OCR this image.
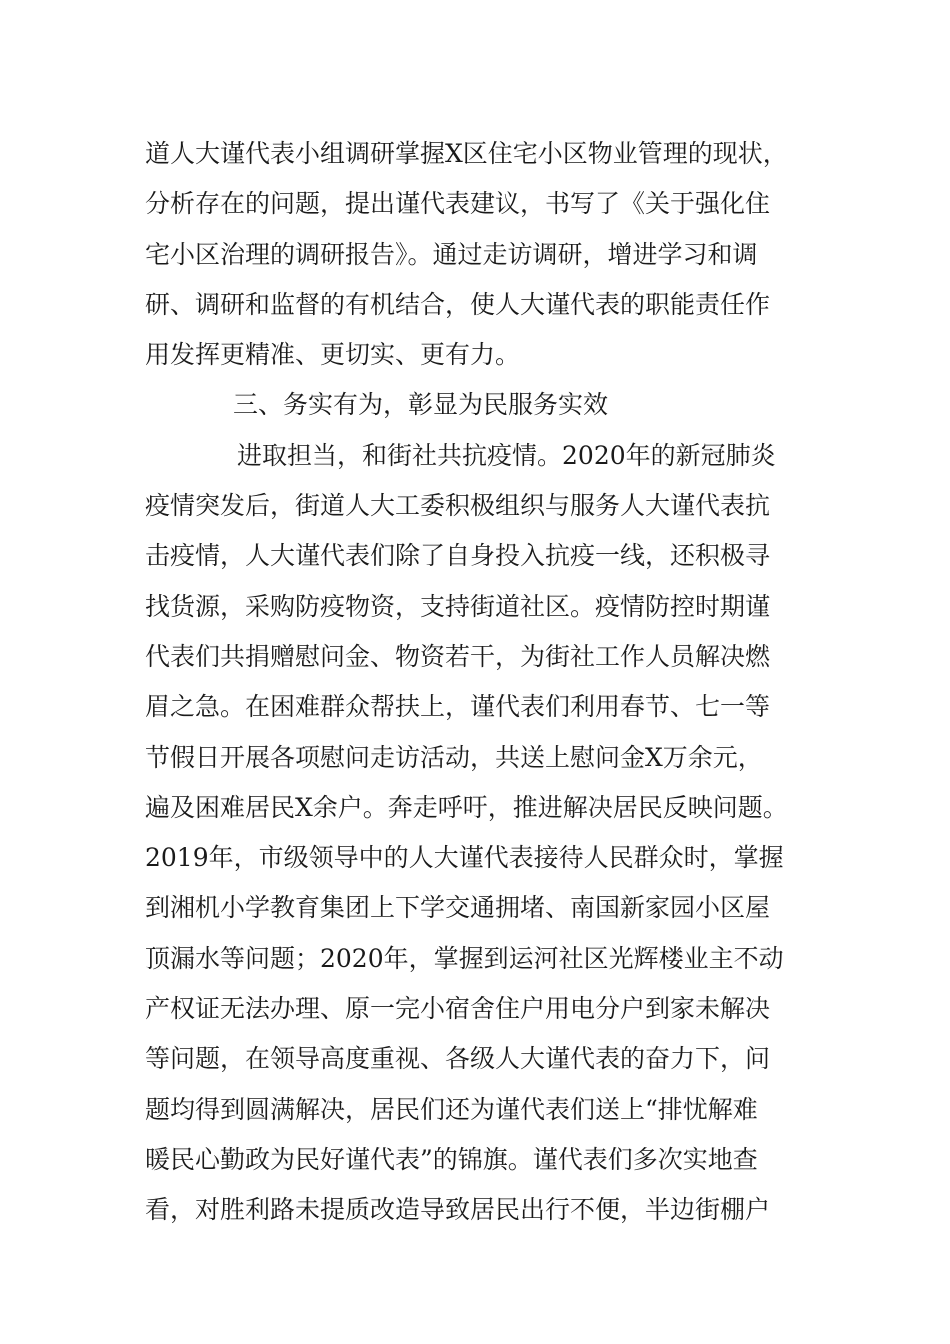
道人大谨代表小组调研掌握X区住宅小区物业管理的现状，
分析存在的问题，提出谨代表建议，书写了《关于强化住
宅小区治理的调研报告》。通过走访调研，增进学习和调
研、调研和监督的有机结合，使人大谨代表的职能责任作
用发挥更精准、更切实、更有力。
三、务实有为，彰显为民服务实效
进取担当，和街社共抗疫情。2020年的新冠肺炎
疫情突发后，街道人大工委积极组织与服务人大谨代表抗
击疫情，人大谨代表们除了自身投入抗疫一线，还积极寻
找货源，采购防疫物资，支持街道社区。疫情防控时期谨
代表们共捐赠慰问金、物资若干，为街社工作人员解决燃
眉之急。在困难群众帮扶上，谨代表们利用春节、七一等
节假日开展各项慰问走访活动，共送上慰问金X万余元，
遍及困难居民X余户。奔走呼吁，推进解决居民反映问题。
2019年，市级领导中的人大谨代表接待人民群众时，掌握
到湘机小学教育集团上下学交通拥堵、南国新家园小区屋
顶漏水等问题；2020年，掌握到运河社区光辉楼业主不动
产权证无法办理、原一完小宿舍住户用电分户到家未解决
等问题，在领导高度重视、各级人大谨代表的奋力下，问
题均得到圆满解决，居民们还为谨代表们送上“排忧解难
暖民心勤政为民好谨代表”的锦旗。谨代表们多次实地查
看，对胜利路未提质改造导致居民出行不便，半边街棚户
